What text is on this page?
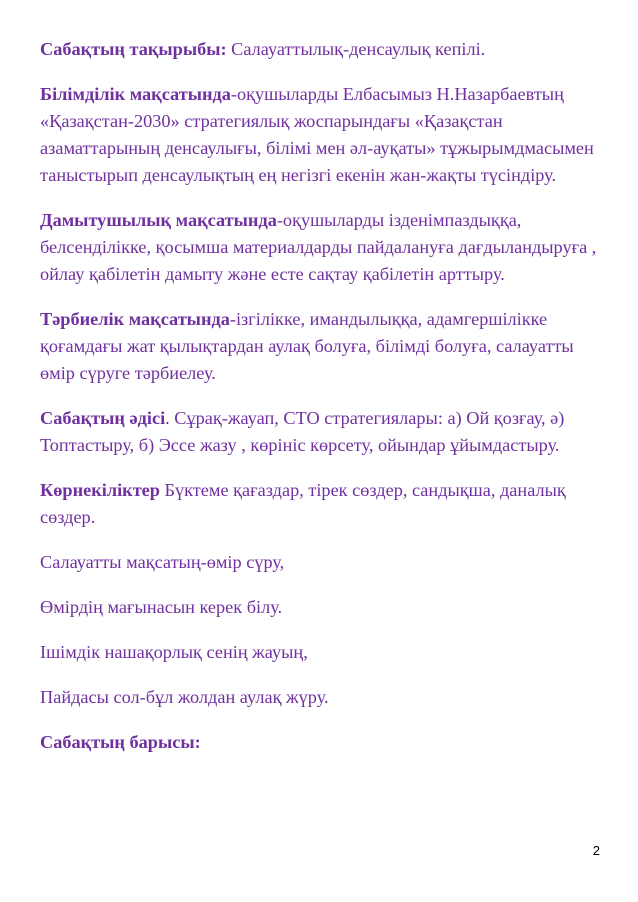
Сабақтың тақырыбы: Салауаттылық-денсаулық кепілі.

Білімділік мақсатында-оқушыларды Елбасымыз Н.Назарбаевтың «Қазақстан-2030» стратегиялық жоспарындағы «Қазақстан азаматтарының денсаулығы, білімі мен әл-ауқаты» тұжырымдмасымен таныстырып денсаулықтың ең негізгі екенін жан-жақты түсіндіру.

Дамытушылық мақсатында-оқушыларды ізденімпаздыққа, белсенділікке, қосымша материалдарды пайдалануға дағдыландыруға , ойлау қабілетін дамыту және есте сақтау қабілетін арттыру.

Тәрбиелік мақсатында-ізгілікке, имандылыққа, адамгершілікке қоғамдағы жат қылықтардан аулақ болуға, білімді болуға, салауатты өмір сүруге тәрбиелеу.

Сабақтың әдісі. Сұрақ-жауап, СТО стратегиялары: а) Ой қозғау, ә) Топтастыру, б) Эссе жазу , көрініс көрсету, ойындар ұйымдастыру.

Көрнекіліктер Бүктеме қағаздар, тірек сөздер, сандықша, даналық сөздер.

Салауатты мақсатың-өмір сүру,

Өмірдің мағынасын керек білу.

Ішімдік нашақорлық сенің жауың,

Пайдасы сол-бұл жолдан аулақ жүру.

Сабақтың барысы:

2
